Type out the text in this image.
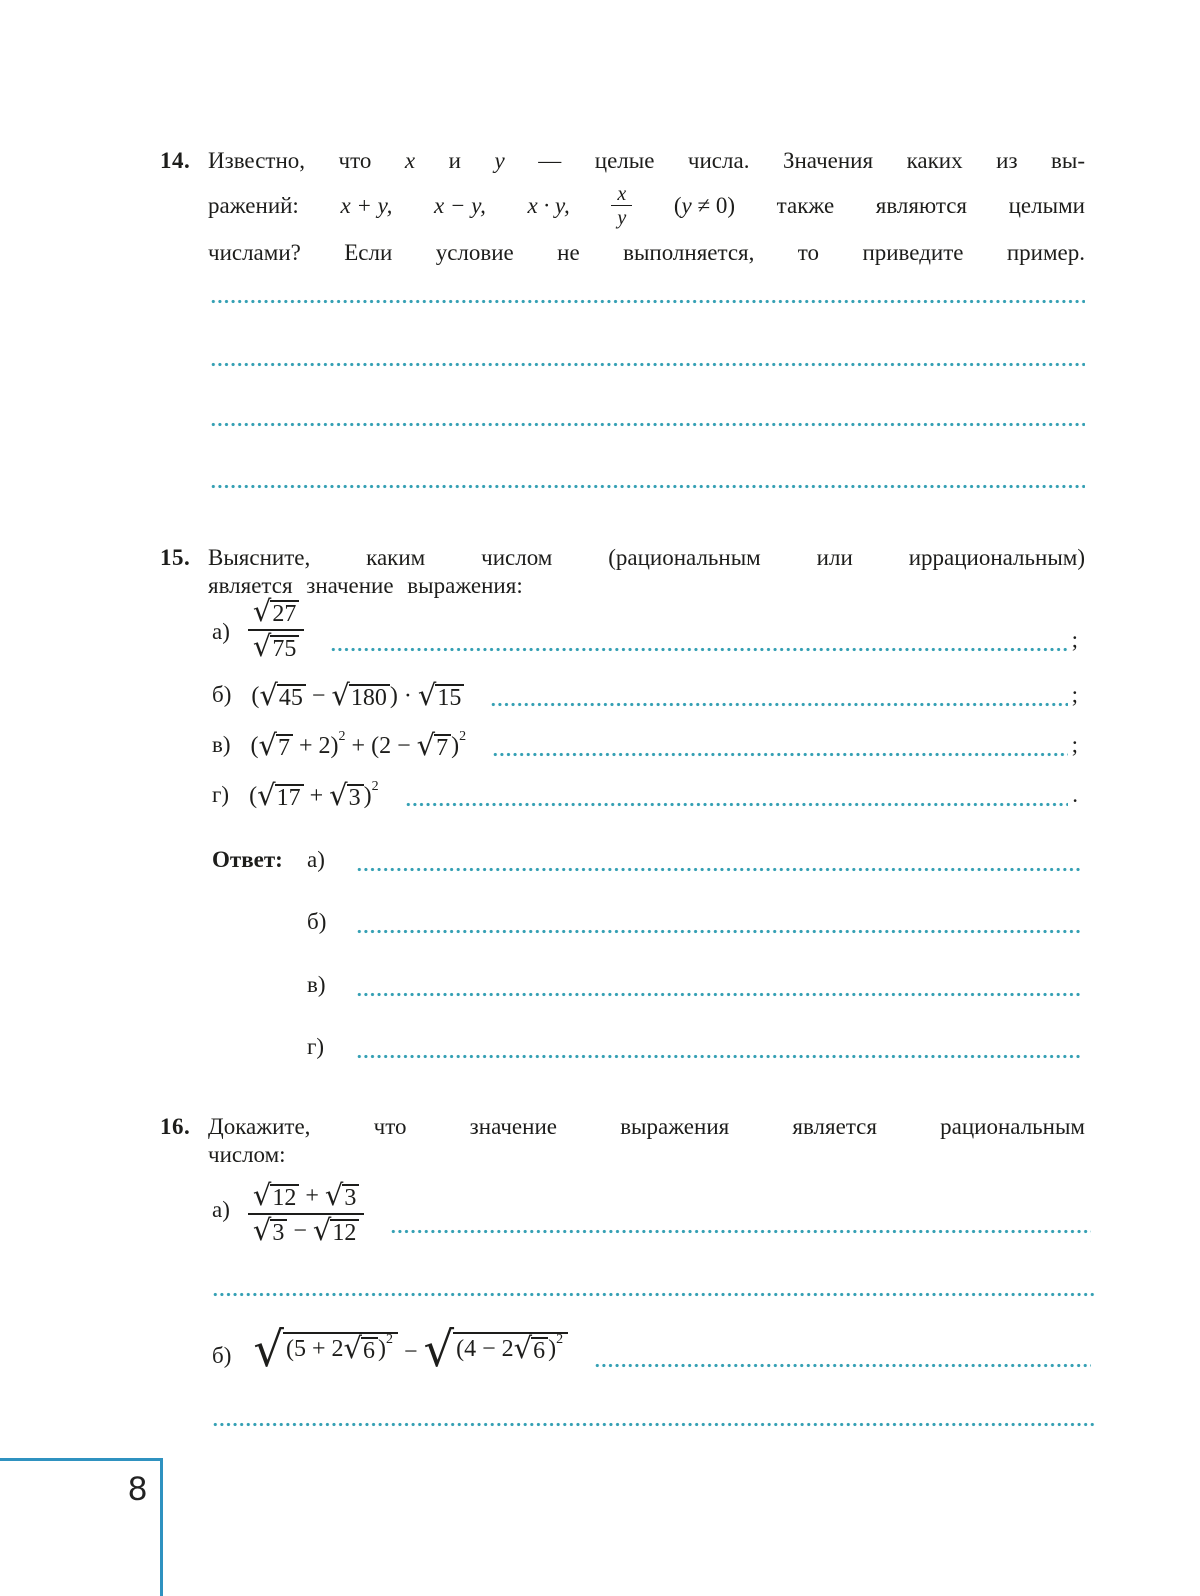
14. Известно, что x и y — целые числа. Значения каких из вы-
ражений: x + y, x − y, x · y, $\frac{x}{y} (y \ne 0)$ также являются целыми
числами? Если условие не выполняется, то приведите пример.
15. Выясните, каким числом (рациональным или иррациональным)
является значение выражения:
$а) \frac{√ 27}{√ 75}$	;
б) ( √ 45 − √ 180 ) · √ 15	;
в) ( √ 7 + 2) 2 + (2 − √ 7 ) 2	;
г) ( √ 17 + √ 3 ) 2	.
Ответ:	а)
б)
в)
г)
16. Докажите, что значение выражения является рациональным
числом:
$а) \frac{√ 12 + √ 3}{√ 3 - √ 12}$
б) √ (5 + 2 √ 6 ) 2 − √ (4 − 2 √ 6 ) 2
8
